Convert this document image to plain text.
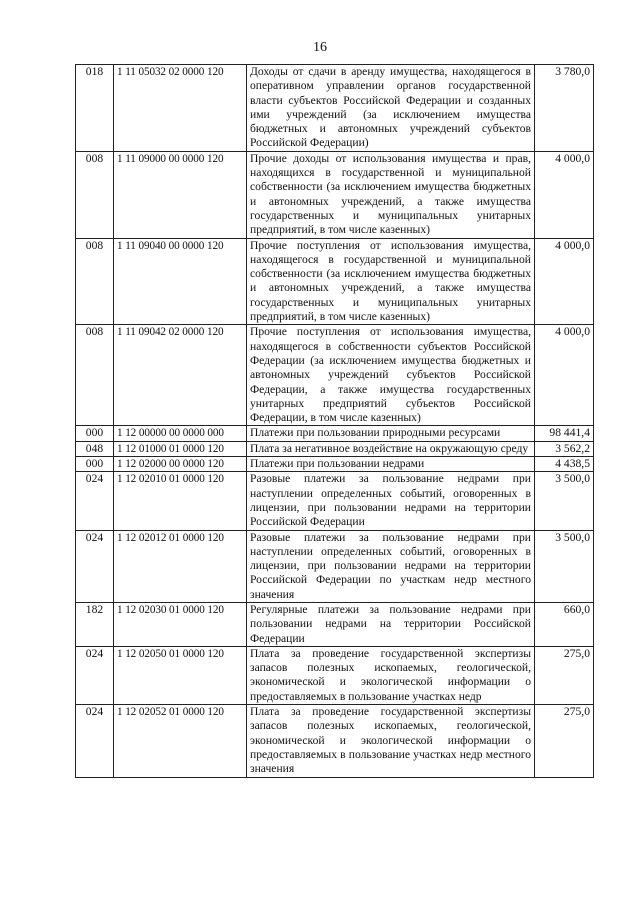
16
018	1 11 05032 02 0000 120	Доходы от сдачи в аренду имущества, находящегося в оперативном управлении органов государственной власти субъектов Российской Федерации и созданных ими учреждений (за исключением имущества бюджетных и автономных учреждений субъектов Российской Федерации)	3 780,0
008	1 11 09000 00 0000 120	Прочие доходы от использования имущества и прав, находящихся в государственной и муниципальной собственности (за исключением имущества бюджетных и автономных учреждений, а также имущества государственных и муниципальных унитарных предприятий, в том числе казенных)	4 000,0
008	1 11 09040 00 0000 120	Прочие поступления от использования имущества, находящегося в государственной и муниципальной собственности (за исключением имущества бюджетных и автономных учреждений, а также имущества государственных и муниципальных унитарных предприятий, в том числе казенных)	4 000,0
008	1 11 09042 02 0000 120	Прочие поступления от использования имущества, находящегося в собственности субъектов Российской Федерации (за исключением имущества бюджетных и автономных учреждений субъектов Российской Федерации, а также имущества государственных унитарных предприятий субъектов Российской Федерации, в том числе казенных)	4 000,0
000	1 12 00000 00 0000 000	Платежи при пользовании природными ресурсами	98 441,4
048	1 12 01000 01 0000 120	Плата за негативное воздействие на окружающую среду	3 562,2
000	1 12 02000 00 0000 120	Платежи при пользовании недрами	4 438,5
024	1 12 02010 01 0000 120	Разовые платежи за пользование недрами при наступлении определенных событий, оговоренных в лицензии, при пользовании недрами на территории Российской Федерации	3 500,0
024	1 12 02012 01 0000 120	Разовые платежи за пользование недрами при наступлении определенных событий, оговоренных в лицензии, при пользовании недрами на территории Российской Федерации по участкам недр местного значения	3 500,0
182	1 12 02030 01 0000 120	Регулярные платежи за пользование недрами при пользовании недрами на территории Российской Федерации	660,0
024	1 12 02050 01 0000 120	Плата за проведение государственной экспертизы запасов полезных ископаемых, геологической, экономической и экологической информации о предоставляемых в пользование участках недр	275,0
024	1 12 02052 01 0000 120	Плата за проведение государственной экспертизы запасов полезных ископаемых, геологической, экономической и экологической информации о предоставляемых в пользование участках недр местного значения	275,0
